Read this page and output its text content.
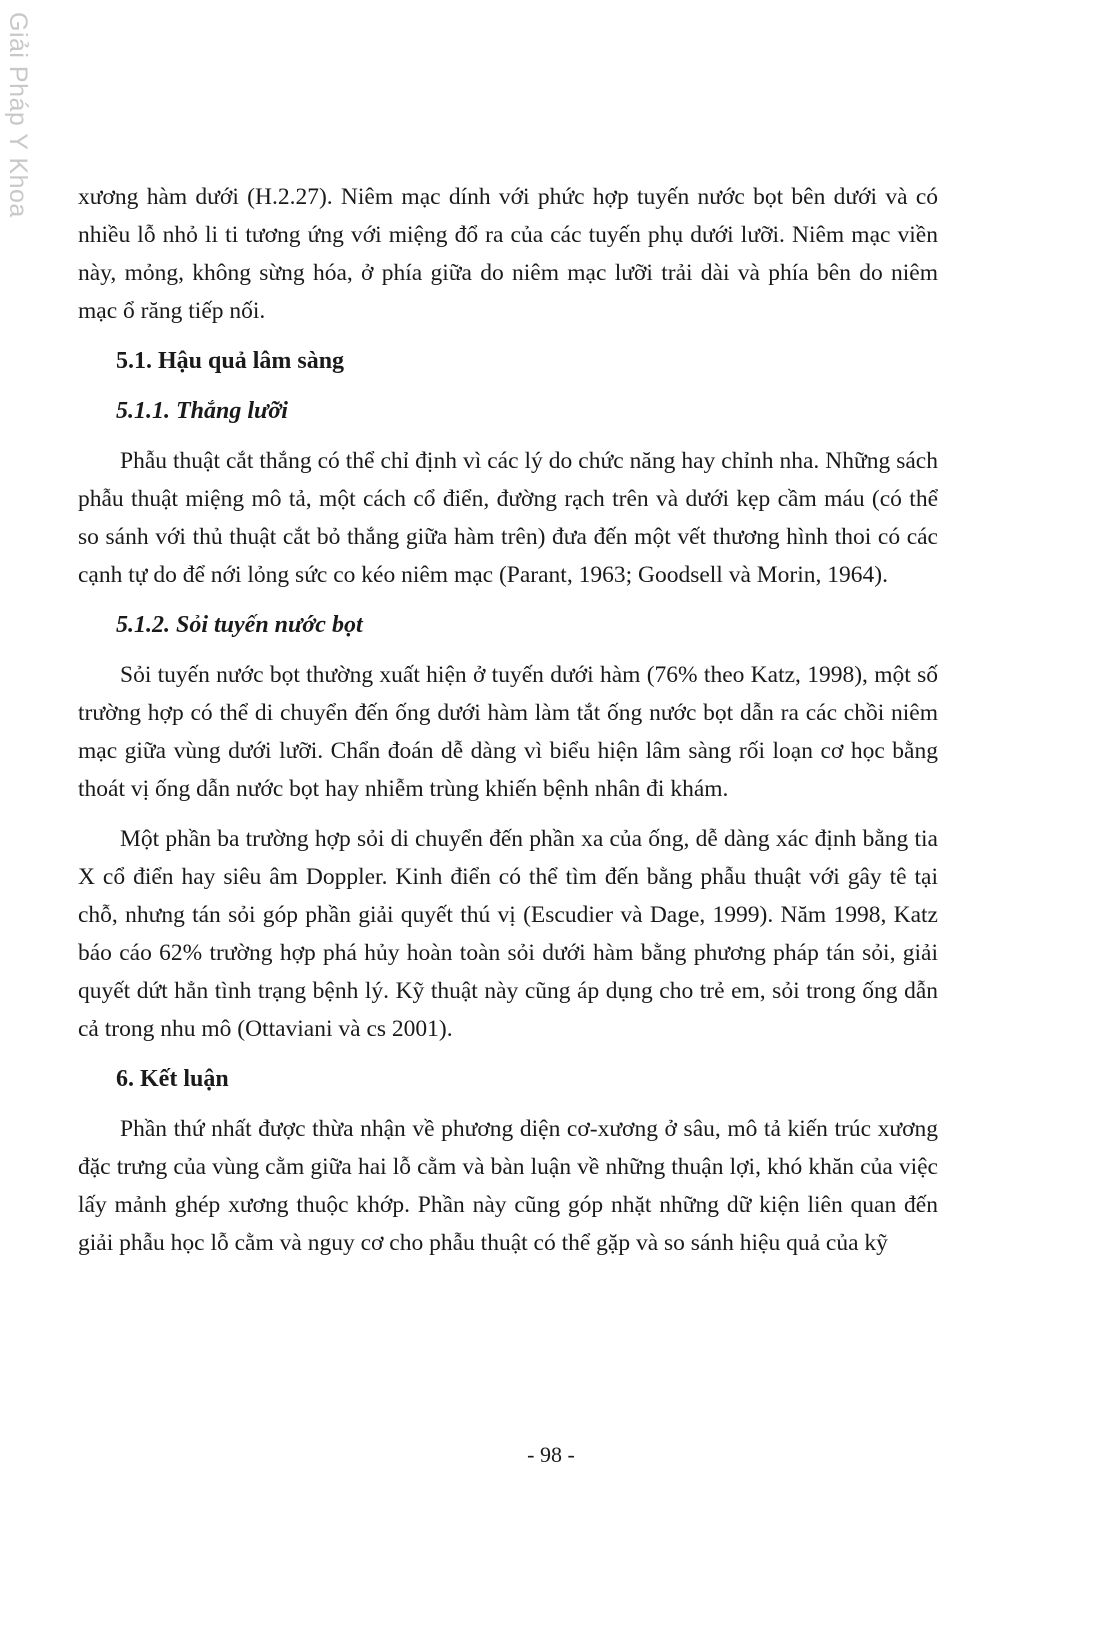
Giải Pháp Y Khoa xương hàm dưới (H.2.27). Niêm mạc dính với phức hợp tuyến nước bọt bên dưới và có nhiều lỗ nhỏ li ti tương ứng với miệng đổ ra của các tuyến phụ dưới lưỡi. Niêm mạc viền này, mỏng, không sừng hóa, ở phía giữa do niêm mạc lưỡi trải dài và phía bên do niêm mạc ổ răng tiếp nối.

5.1. Hậu quả lâm sàng
5.1.1. Thắng lưỡi

Phẫu thuật cắt thắng có thể chỉ định vì các lý do chức năng hay chỉnh nha. Những sách phẫu thuật miệng mô tả, một cách cổ điển, đường rạch trên và dưới kẹp cầm máu (có thể so sánh với thủ thuật cắt bỏ thắng giữa hàm trên) đưa đến một vết thương hình thoi có các cạnh tự do để nới lỏng sức co kéo niêm mạc (Parant, 1963; Goodsell và Morin, 1964).

5.1.2. Sỏi tuyến nước bọt

Sỏi tuyến nước bọt thường xuất hiện ở tuyến dưới hàm (76% theo Katz, 1998), một số trường hợp có thể di chuyển đến ống dưới hàm làm tắt ống nước bọt dẫn ra các chồi niêm mạc giữa vùng dưới lưỡi. Chẩn đoán dễ dàng vì biểu hiện lâm sàng rối loạn cơ học bằng thoát vị ống dẫn nước bọt hay nhiễm trùng khiến bệnh nhân đi khám.

Một phần ba trường hợp sỏi di chuyển đến phần xa của ống, dễ dàng xác định bằng tia X cổ điển hay siêu âm Doppler. Kinh điển có thể tìm đến bằng phẫu thuật với gây tê tại chỗ, nhưng tán sỏi góp phần giải quyết thú vị (Escudier và Dage, 1999). Năm 1998, Katz báo cáo 62% trường hợp phá hủy hoàn toàn sỏi dưới hàm bằng phương pháp tán sỏi, giải quyết dứt hẳn tình trạng bệnh lý. Kỹ thuật này cũng áp dụng cho trẻ em, sỏi trong ống dẫn cả trong nhu mô (Ottaviani và cs 2001).

6. Kết luận

Phần thứ nhất được thừa nhận về phương diện cơ-xương ở sâu, mô tả kiến trúc xương đặc trưng của vùng cằm giữa hai lỗ cằm và bàn luận về những thuận lợi, khó khăn của việc lấy mảnh ghép xương thuộc khớp. Phần này cũng góp nhặt những dữ kiện liên quan đến giải phẫu học lỗ cằm và nguy cơ cho phẫu thuật có thể gặp và so sánh hiệu quả của kỹ

- 98 -
